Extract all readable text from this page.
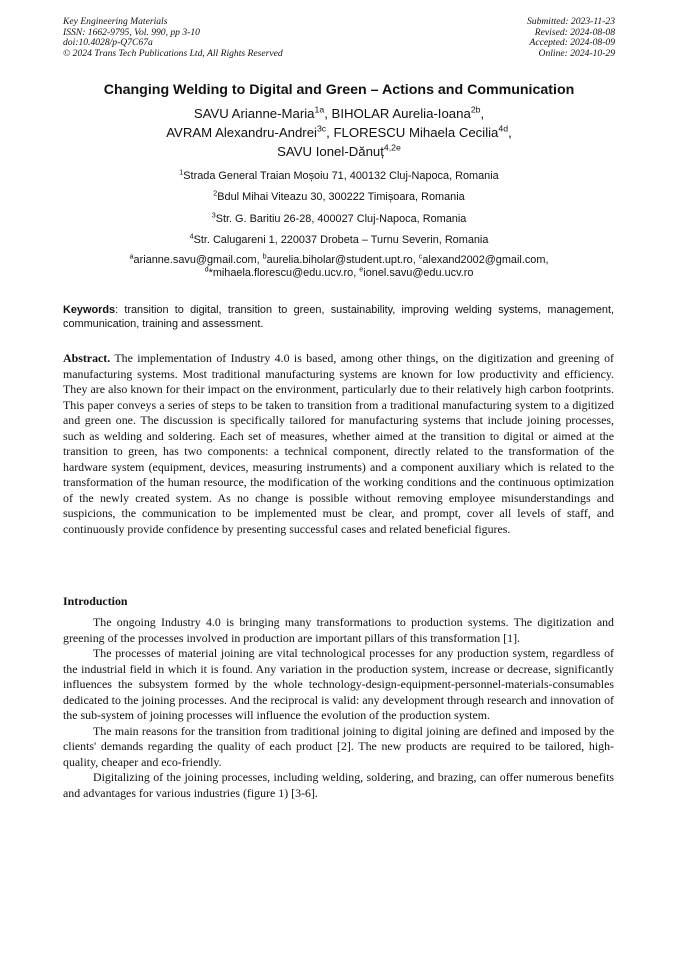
Key Engineering Materials
ISSN: 1662-9795, Vol. 990, pp 3-10
doi:10.4028/p-Q7C67a
© 2024 Trans Tech Publications Ltd, All Rights Reserved
Submitted: 2023-11-23
Revised: 2024-08-08
Accepted: 2024-08-09
Online: 2024-10-29
Changing Welding to Digital and Green – Actions and Communication
SAVU Arianne-Maria$^{1a}$, BIHOLAR Aurelia-Ioana$^{2b}$,
AVRAM Alexandru-Andrei$^{3c}$, FLORESCU Mihaela Cecilia$^{4d}$,
SAVU Ionel-Dănuț$^{4,2e}$
$^1$Strada General Traian Moșoiu 71, 400132 Cluj-Napoca, Romania
$^2$Bdul Mihai Viteazu 30, 300222 Timișoara, Romania
$^3$Str. G. Baritiu 26-28, 400027 Cluj-Napoca, Romania
$^4$Str. Calugareni 1, 220037 Drobeta – Turnu Severin, Romania
$^a$arianne.savu@gmail.com, $^b$aurelia.biholar@student.upt.ro, $^c$alexand2002@gmail.com,
$^d$*mihaela.florescu@edu.ucv.ro, $^e$ionel.savu@edu.ucv.ro
Keywords: transition to digital, transition to green, sustainability, improving welding systems, management, communication, training and assessment.
Abstract. The implementation of Industry 4.0 is based, among other things, on the digitization and greening of manufacturing systems. Most traditional manufacturing systems are known for low productivity and efficiency. They are also known for their impact on the environment, particularly due to their relatively high carbon footprints. This paper conveys a series of steps to be taken to transition from a traditional manufacturing system to a digitized and green one. The discussion is specifically tailored for manufacturing systems that include joining processes, such as welding and soldering. Each set of measures, whether aimed at the transition to digital or aimed at the transition to green, has two components: a technical component, directly related to the transformation of the hardware system (equipment, devices, measuring instruments) and a component auxiliary which is related to the transformation of the human resource, the modification of the working conditions and the continuous optimization of the newly created system. As no change is possible without removing employee misunderstandings and suspicions, the communication to be implemented must be clear, and prompt, cover all levels of staff, and continuously provide confidence by presenting successful cases and related beneficial figures.
Introduction

The ongoing Industry 4.0 is bringing many transformations to production systems. The digitization and greening of the processes involved in production are important pillars of this transformation [1].

The processes of material joining are vital technological processes for any production system, regardless of the industrial field in which it is found. Any variation in the production system, increase or decrease, significantly influences the subsystem formed by the whole technology-design-equipment-personnel-materials-consumables dedicated to the joining processes. And the reciprocal is valid: any development through research and innovation of the sub-system of joining processes will influence the evolution of the production system.

The main reasons for the transition from traditional joining to digital joining are defined and imposed by the clients' demands regarding the quality of each product [2]. The new products are required to be tailored, high-quality, cheaper and eco-friendly.

Digitalizing of the joining processes, including welding, soldering, and brazing, can offer numerous benefits and advantages for various industries (figure 1) [3-6].
